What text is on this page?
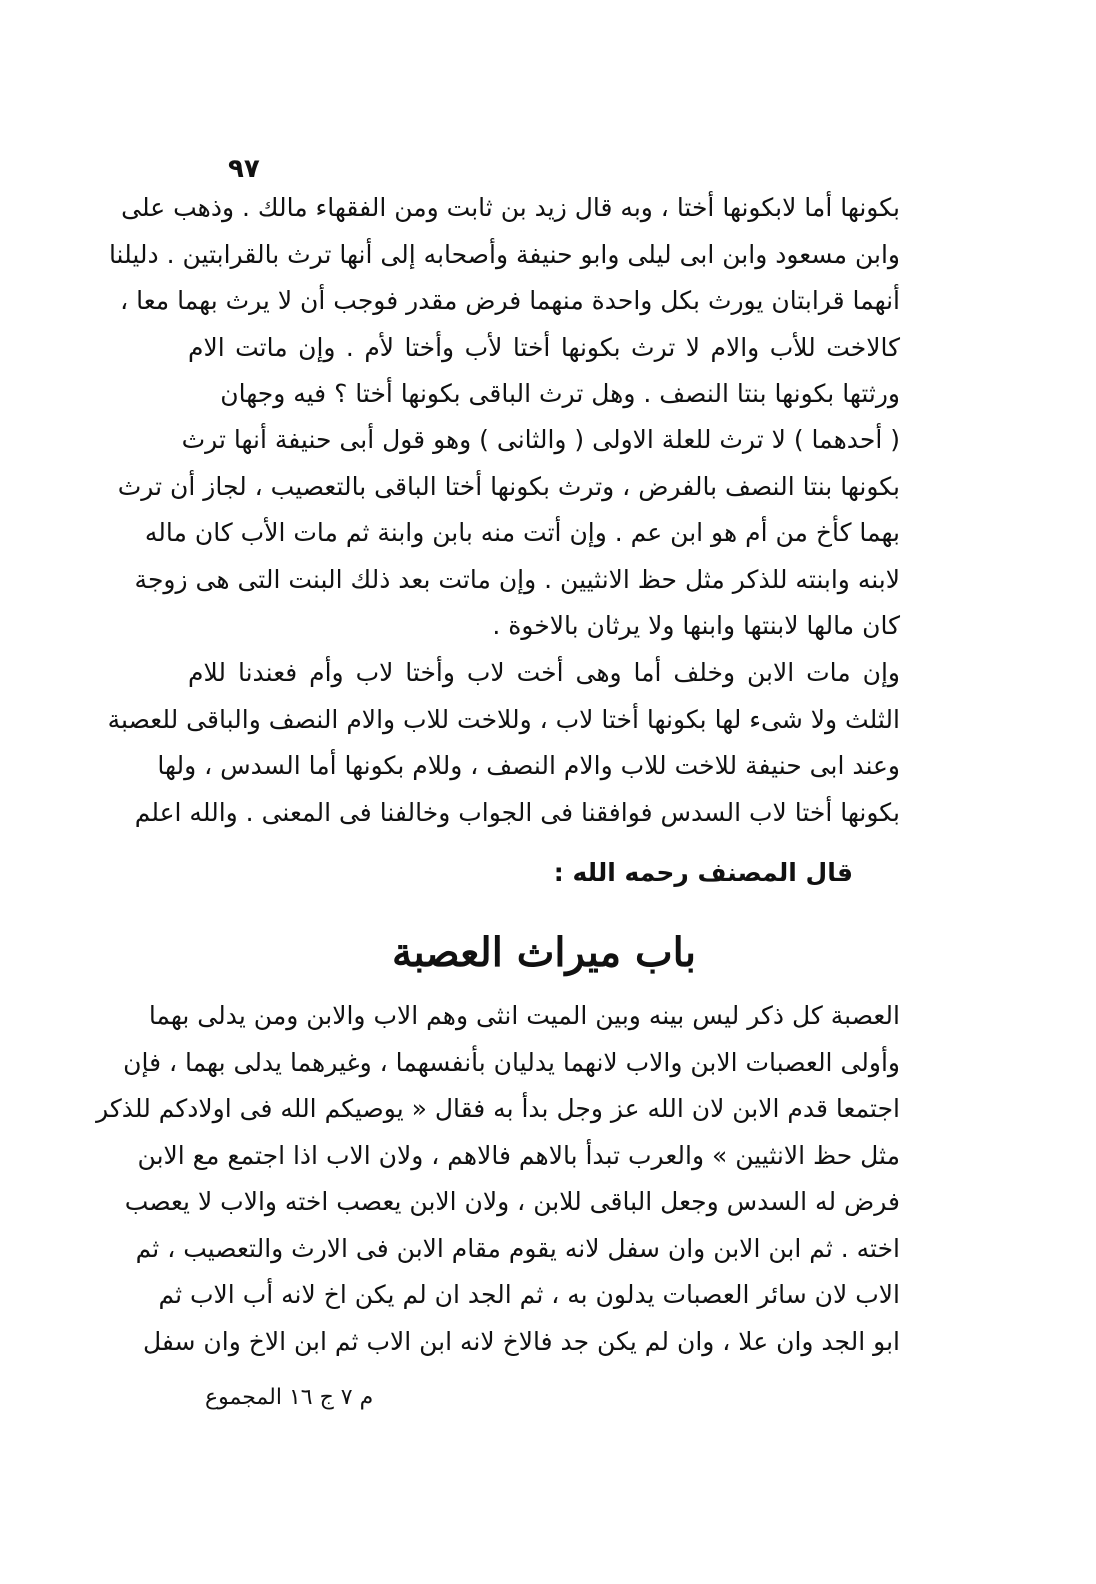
٩٧
بكونها أما لابكونها أختا ، وبه قال زيد بن ثابت ومن الفقهاء مالك . وذهب على
وابن مسعود وابن ابى ليلى وابو حنيفة وأصحابه إلى أنها ترث بالقرابتين . دليلنا
أنهما قرابتان يورث بكل واحدة منهما فرض مقدر فوجب أن لا يرث بهما معا ،
كالاخت للأب والام لا ترث بكونها أختا لأب وأختا لأم . وإن ماتت الام
ورثتها بكونها بنتا النصف . وهل ترث الباقى بكونها أختا ؟ فيه وجهان
( أحدهما ) لا ترث للعلة الاولى ( والثانى ) وهو قول أبى حنيفة أنها ترث
بكونها بنتا النصف بالفرض ، وترث بكونها أختا الباقى بالتعصيب ، لجاز أن ترث
بهما كأخ من أم هو ابن عم . وإن أتت منه بابن وابنة ثم مات الأب كان ماله
لابنه وابنته للذكر مثل حظ الانثيين . وإن ماتت بعد ذلك البنت التى هى زوجة
كان مالها لابنتها وابنها ولا يرثان بالاخوة .
وإن مات الابن وخلف أما وهى أخت لاب وأختا لاب وأم فعندنا للام
الثلث ولا شىء لها بكونها أختا لاب ، وللاخت للاب والام النصف والباقى للعصبة
وعند ابى حنيفة للاخت للاب والام النصف ، وللام بكونها أما السدس ، ولها
بكونها أختا لاب السدس فوافقنا فى الجواب وخالفنا فى المعنى . والله اعلم
قال المصنف رحمه الله :
باب ميراث العصبة
العصبة كل ذكر ليس بينه وبين الميت انثى وهم الاب والابن ومن يدلى بهما
وأولى العصبات الابن والاب لانهما يدليان بأنفسهما ، وغيرهما يدلى بهما ، فإن
اجتمعا قدم الابن لان الله عز وجل بدأ به فقال « يوصيكم الله فى اولادكم للذكر
مثل حظ الانثيين » والعرب تبدأ بالاهم فالاهم ، ولان الاب اذا اجتمع مع الابن
فرض له السدس وجعل الباقى للابن ، ولان الابن يعصب اخته والاب لا يعصب
اخته . ثم ابن الابن وان سفل لانه يقوم مقام الابن فى الارث والتعصيب ، ثم
الاب لان سائر العصبات يدلون به ، ثم الجد ان لم يكن اخ لانه أب الاب ثم
ابو الجد وان علا ، وان لم يكن جد فالاخ لانه ابن الاب ثم ابن الاخ وان سفل
م ٧ ج ١٦ المجموع
